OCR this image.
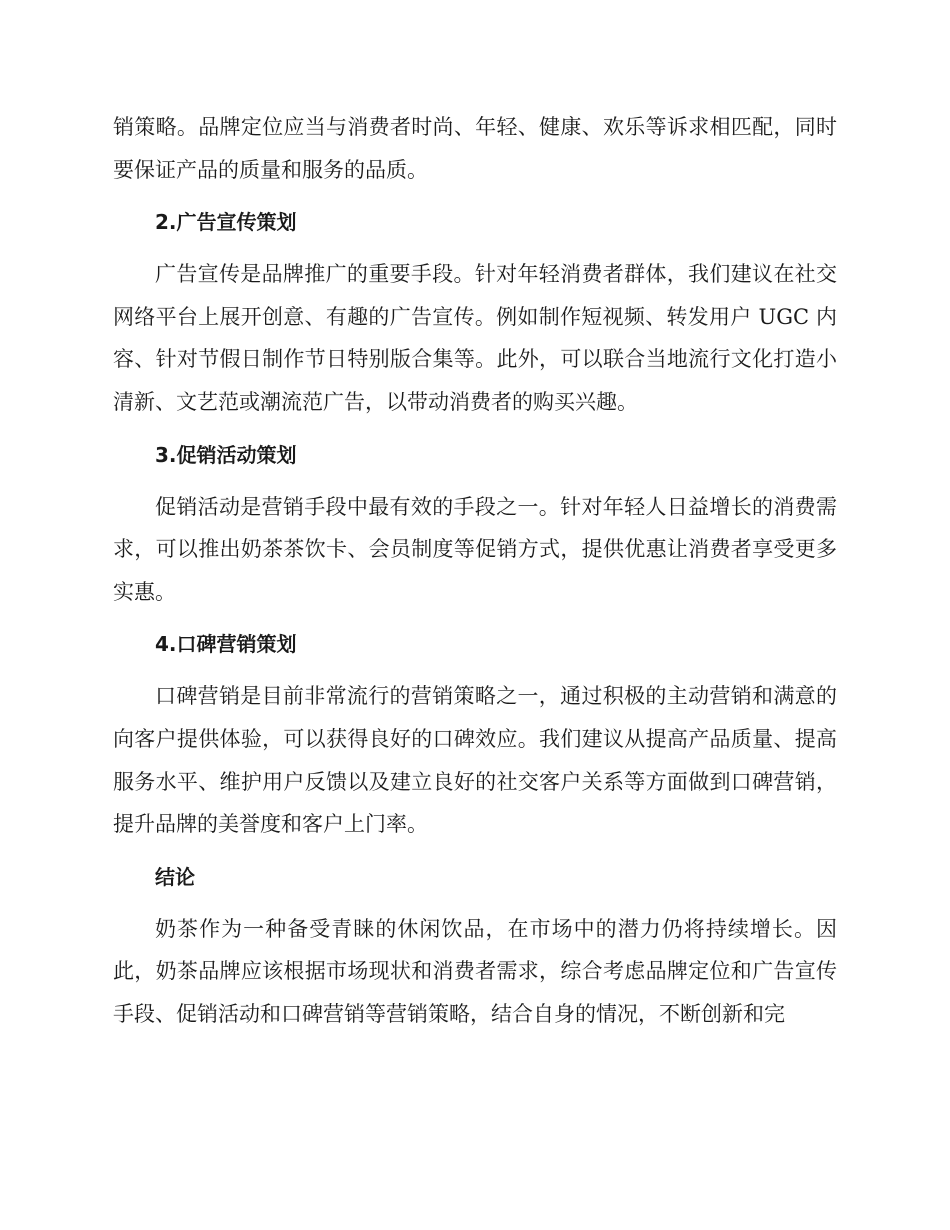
销策略。品牌定位应当与消费者时尚、年轻、健康、欢乐等诉求相匹配，同时要保证产品的质量和服务的品质。

2.广告宣传策划

广告宣传是品牌推广的重要手段。针对年轻消费者群体，我们建议在社交网络平台上展开创意、有趣的广告宣传。例如制作短视频、转发用户 UGC 内容、针对节假日制作节日特别版合集等。此外，可以联合当地流行文化打造小清新、文艺范或潮流范广告，以带动消费者的购买兴趣。

3.促销活动策划

促销活动是营销手段中最有效的手段之一。针对年轻人日益增长的消费需求，可以推出奶茶茶饮卡、会员制度等促销方式，提供优惠让消费者享受更多实惠。

4.口碑营销策划

口碑营销是目前非常流行的营销策略之一，通过积极的主动营销和满意的向客户提供体验，可以获得良好的口碑效应。我们建议从提高产品质量、提高服务水平、维护用户反馈以及建立良好的社交客户关系等方面做到口碑营销，提升品牌的美誉度和客户上门率。

结论

奶茶作为一种备受青睐的休闲饮品，在市场中的潜力仍将持续增长。因此，奶茶品牌应该根据市场现状和消费者需求，综合考虑品牌定位和广告宣传手段、促销活动和口碑营销等营销策略，结合自身的情况，不断创新和完
